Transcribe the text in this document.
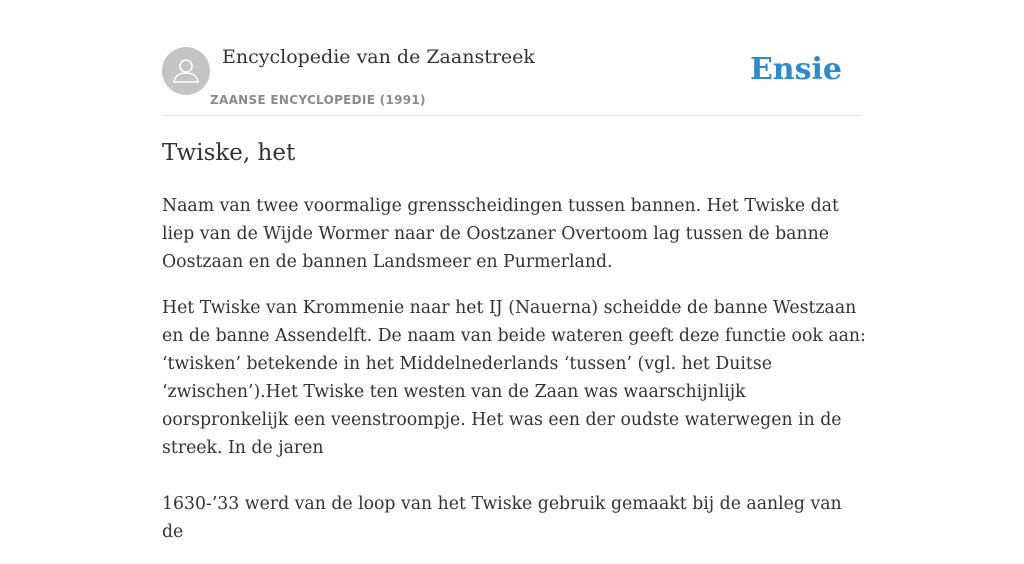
Encyclopedie van de Zaanstreek
ZAANSE ENCYCLOPEDIE (1991)
Ensie
Twiske, het

Naam van twee voormalige grensscheidingen tussen bannen. Het Twiske dat liep van de Wijde Wormer naar de Oostzaner Overtoom lag tussen de banne Oostzaan en de bannen Landsmeer en Purmerland.

Het Twiske van Krommenie naar het IJ (Nauerna) scheidde de banne Westzaan en de banne Assendelft. De naam van beide wateren geeft deze functie ook aan: ‘twisken’ betekende in het Middelnederlands ‘tussen’ (vgl. het Duitse ‘zwischen’).Het Twiske ten westen van de Zaan was waarschijnlijk oorspronkelijk een veenstroompje. Het was een der oudste waterwegen in de streek. In de jaren

1630-’33 werd van de loop van het Twiske gebruik gemaakt bij de aanleg van de
